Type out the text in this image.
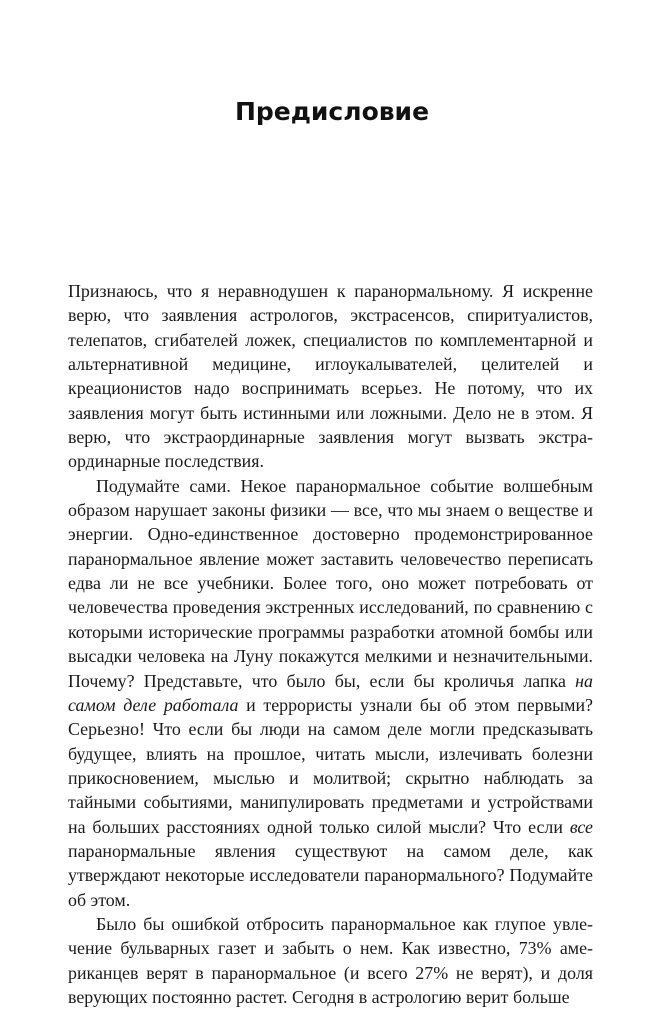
Предисловие

Признаюсь, что я неравнодушен к паранормальному. Я искренне верю, что заявления астрологов, экстрасенсов, спиритуалистов, телепатов, сгибателей ложек, специалистов по комплементарной и альтернативной медицине, иглоукалывателей, целителей и креационистов надо воспринимать всерьез. Не потому, что их заявления могут быть истинными или ложными. Дело не в этом. Я верю, что экстраординарные заявления могут вызвать экстраординарные последствия.

Подумайте сами. Некое паранормальное событие волшебным образом нарушает законы физики — все, что мы знаем о веществе и энергии. Одно-единственное достоверно продемонстрированное паранормальное явление может заставить человечество переписать едва ли не все учебники. Более того, оно может потребовать от человечества проведения экстренных исследований, по сравнению с которыми исторические программы разработки атомной бомбы или высадки человека на Луну покажутся мелкими и незначительными. Почему? Представьте, что было бы, если бы кроличья лапка на самом деле работала и террористы узнали бы об этом первыми? Серьезно! Что если бы люди на самом деле могли предсказывать будущее, влиять на прошлое, читать мысли, излечивать болезни прикосновением, мыслью и молитвой; скрытно наблюдать за тайными событиями, манипулировать предметами и устройствами на больших расстояниях одной только силой мысли? Что если все паранормальные явления существуют на самом деле, как утверждают некоторые исследователи паранормального? Подумайте об этом.

Было бы ошибкой отбросить паранормальное как глупое увлечение бульварных газет и забыть о нем. Как известно, 73% американцев верят в паранормальное (и всего 27% не верят), и доля верующих постоянно растет. Сегодня в астрологию верит больше
